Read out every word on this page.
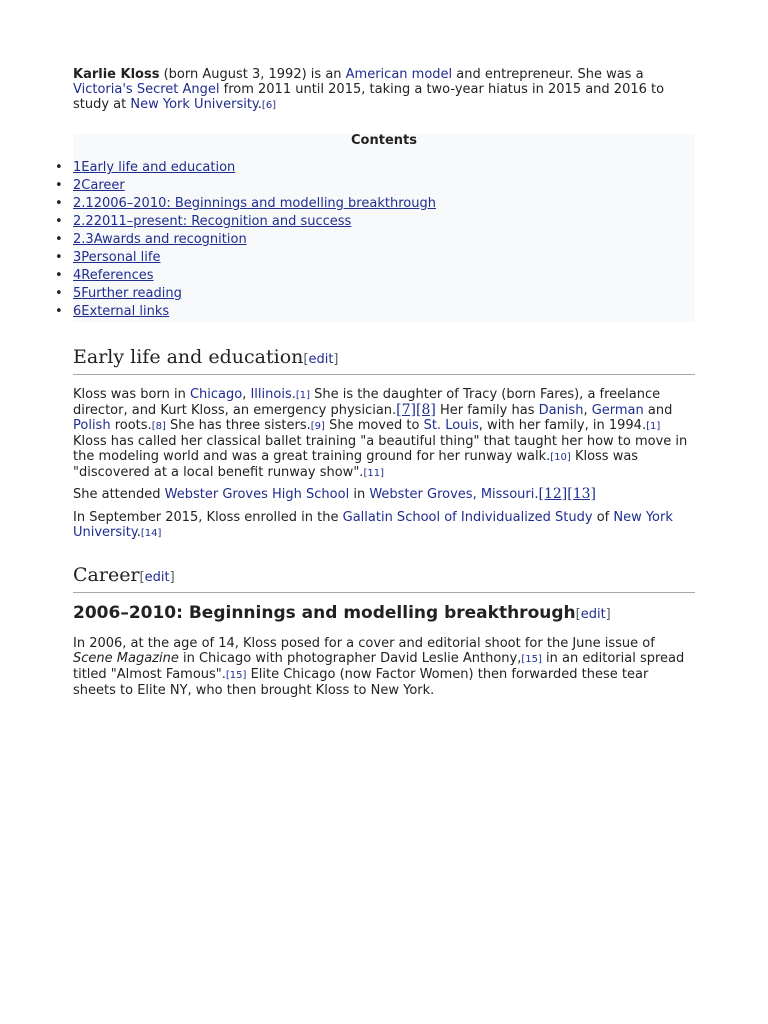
Karlie Kloss (born August 3, 1992) is an American model and entrepreneur. She was a Victoria's Secret Angel from 2011 until 2015, taking a two-year hiatus in 2015 and 2016 to study at New York University.[6]

Contents
• 1Early life and education
• 2Career
• 2.12006–2010: Beginnings and modelling breakthrough
• 2.22011–present: Recognition and success
• 2.3Awards and recognition
• 3Personal life
• 4References
• 5Further reading
• 6External links
Early life and education[edit]

Kloss was born in Chicago, Illinois.[1] She is the daughter of Tracy (born Fares), a freelance director, and Kurt Kloss, an emergency physician.[7][8] Her family has Danish, German and Polish roots.[8] She has three sisters.[9] She moved to St. Louis, with her family, in 1994.[1] Kloss has called her classical ballet training "a beautiful thing" that taught her how to move in the modeling world and was a great training ground for her runway walk.[10] Kloss was "discovered at a local benefit runway show".[11]

She attended Webster Groves High School in Webster Groves, Missouri.[12][13]

In September 2015, Kloss enrolled in the Gallatin School of Individualized Study of New York University.[14]

Career[edit]
2006–2010: Beginnings and modelling breakthrough[edit]

In 2006, at the age of 14, Kloss posed for a cover and editorial shoot for the June issue of Scene Magazine in Chicago with photographer David Leslie Anthony,[15] in an editorial spread titled "Almost Famous".[15] Elite Chicago (now Factor Women) then forwarded these tear sheets to Elite NY, who then brought Kloss to New York.
